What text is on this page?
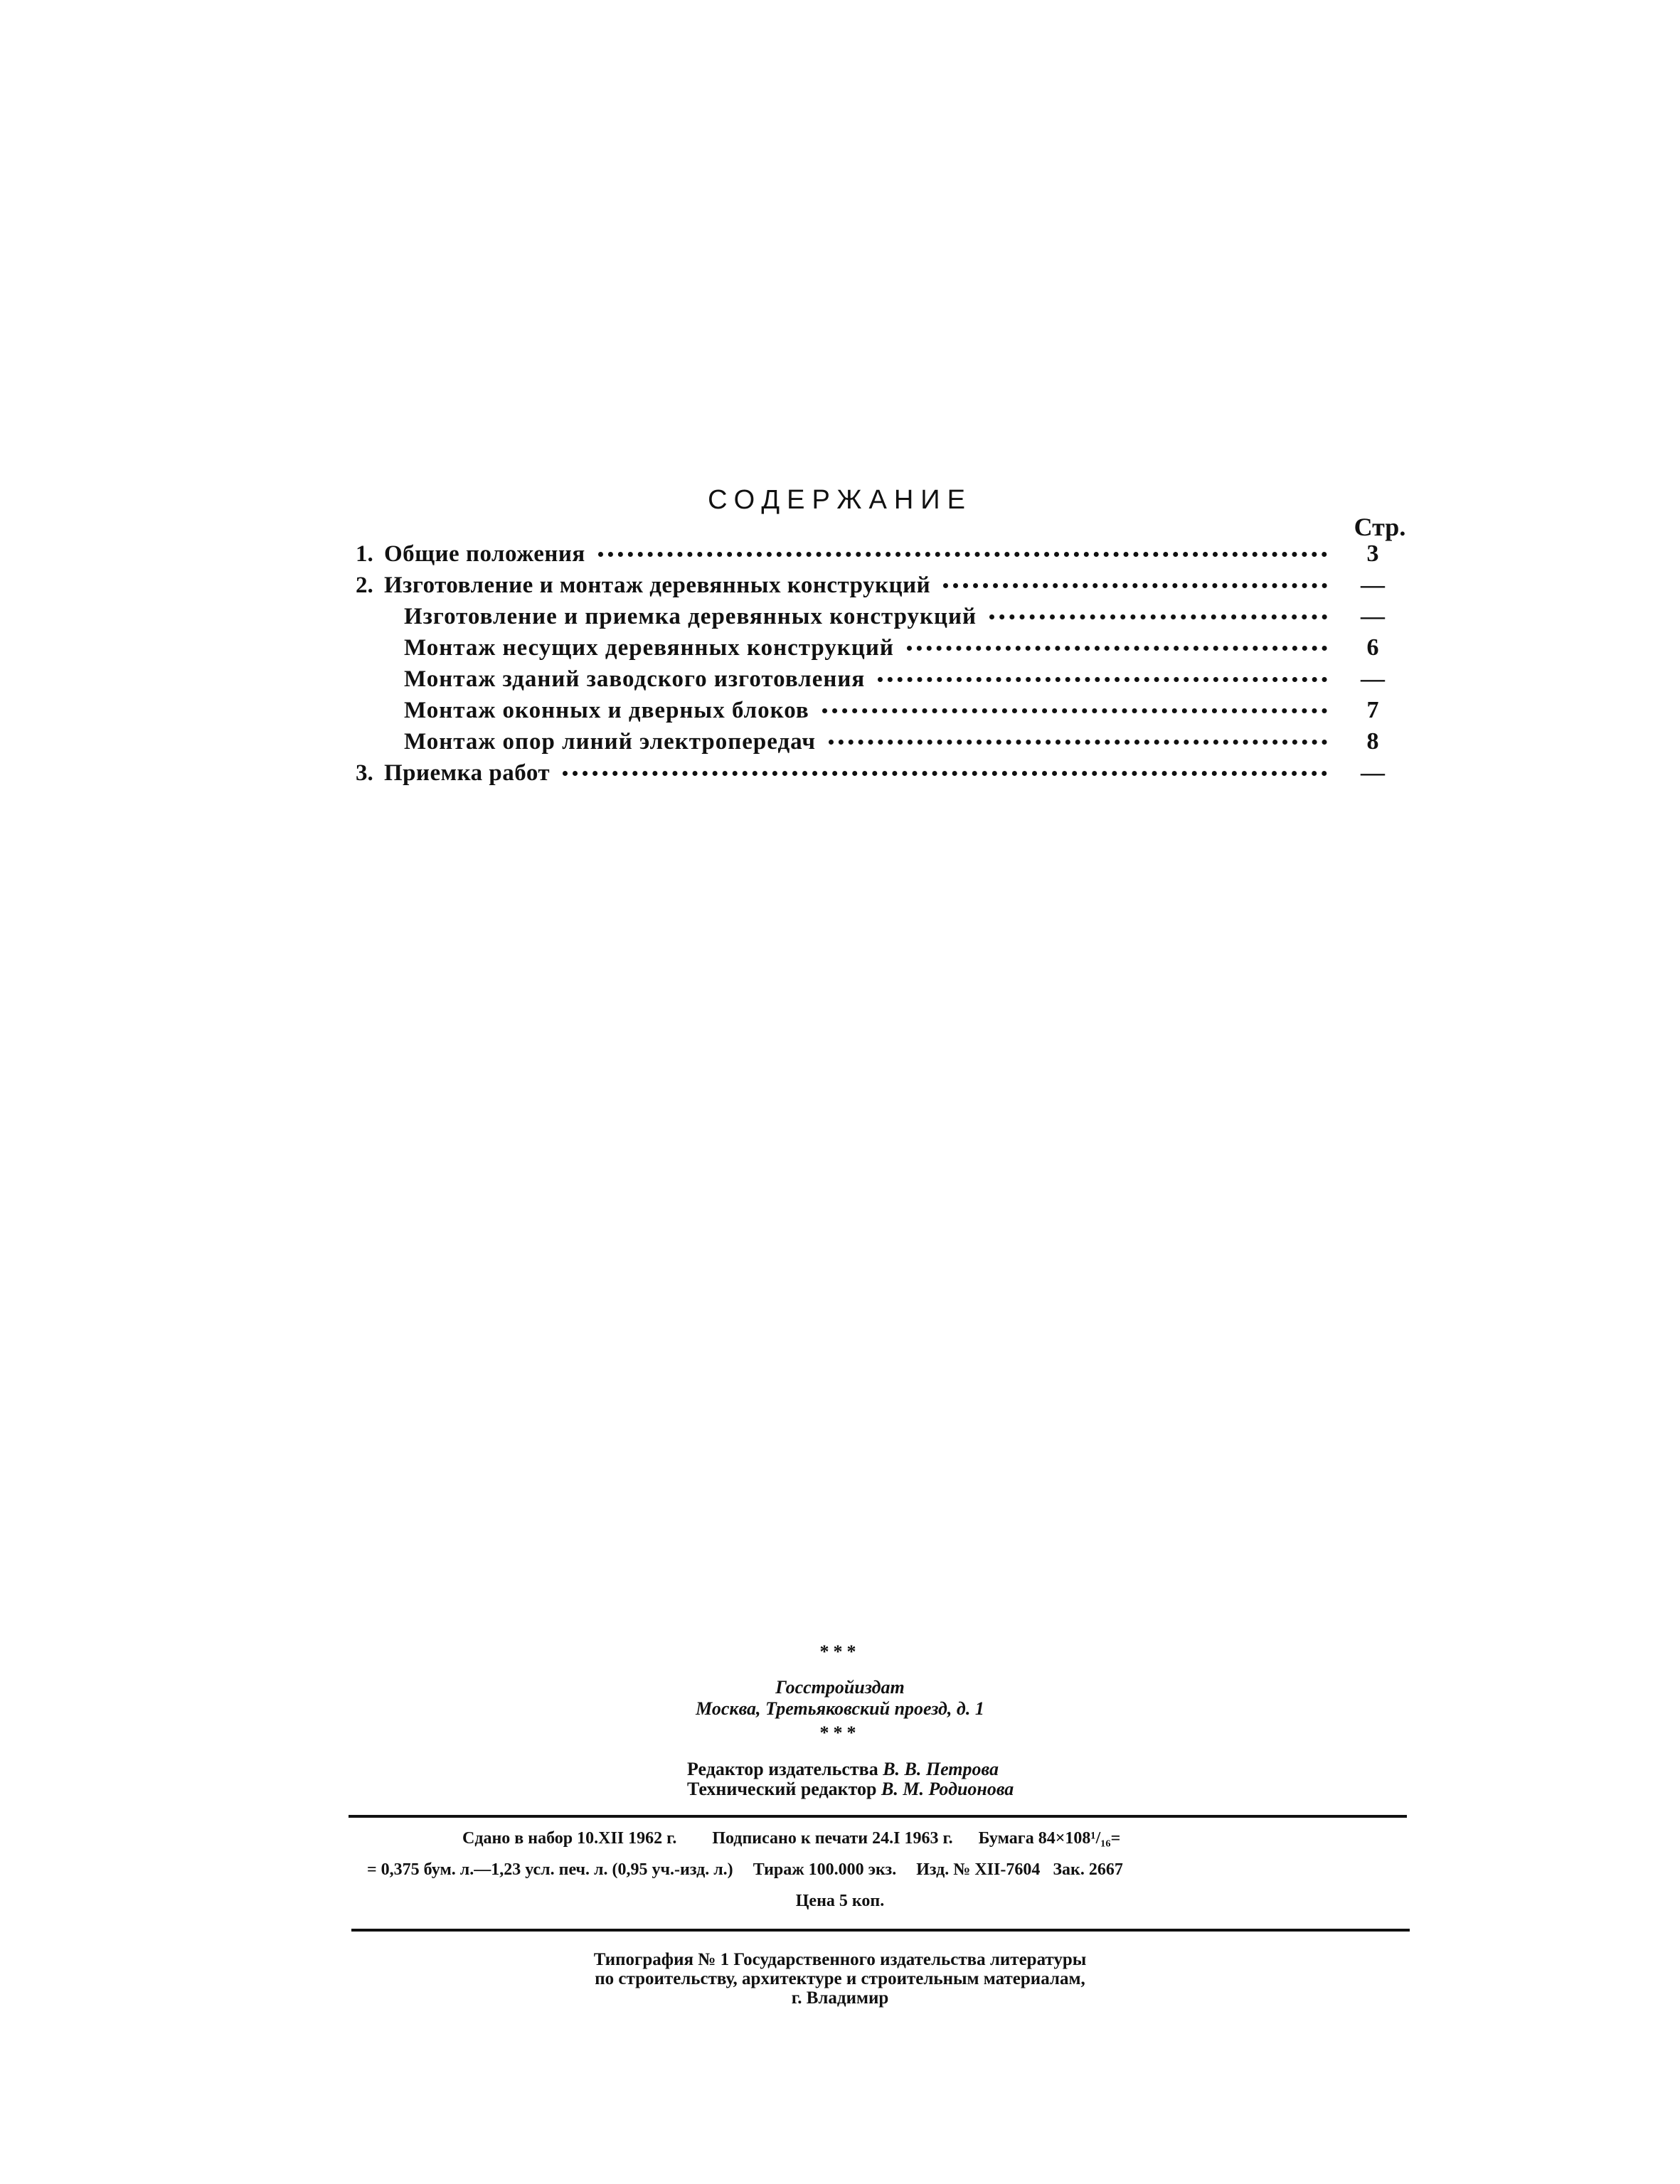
СОДЕРЖАНИЕ
Стр.
1. Общие положения	3
2. Изготовление и монтаж деревянных конструкций	—
Изготовление и приемка деревянных конструкций	—
Монтаж несущих деревянных конструкций	6
Монтаж зданий заводского изготовления	—
Монтаж оконных и дверных блоков	7
Монтаж опор линий электропередач	8
3. Приемка работ	—
***
Госстройиздат
Москва, Третьяковский проезд, д. 1
***
Редактор издательства В. В. Петрова
Технический редактор В. М. Родионова
Сдано в набор 10.XII 1962 г. Подписано к печати 24.I 1963 г. Бумага 84×108¹/₁₆=
= 0,375 бум. л.—1,23 усл. печ. л. (0,95 уч.-изд. л.) Тираж 100.000 экз. Изд. № XII-7604 Зак. 2667
Цена 5 коп.
Типография № 1 Государственного издательства литературы
по строительству, архитектуре и строительным материалам,
г. Владимир
